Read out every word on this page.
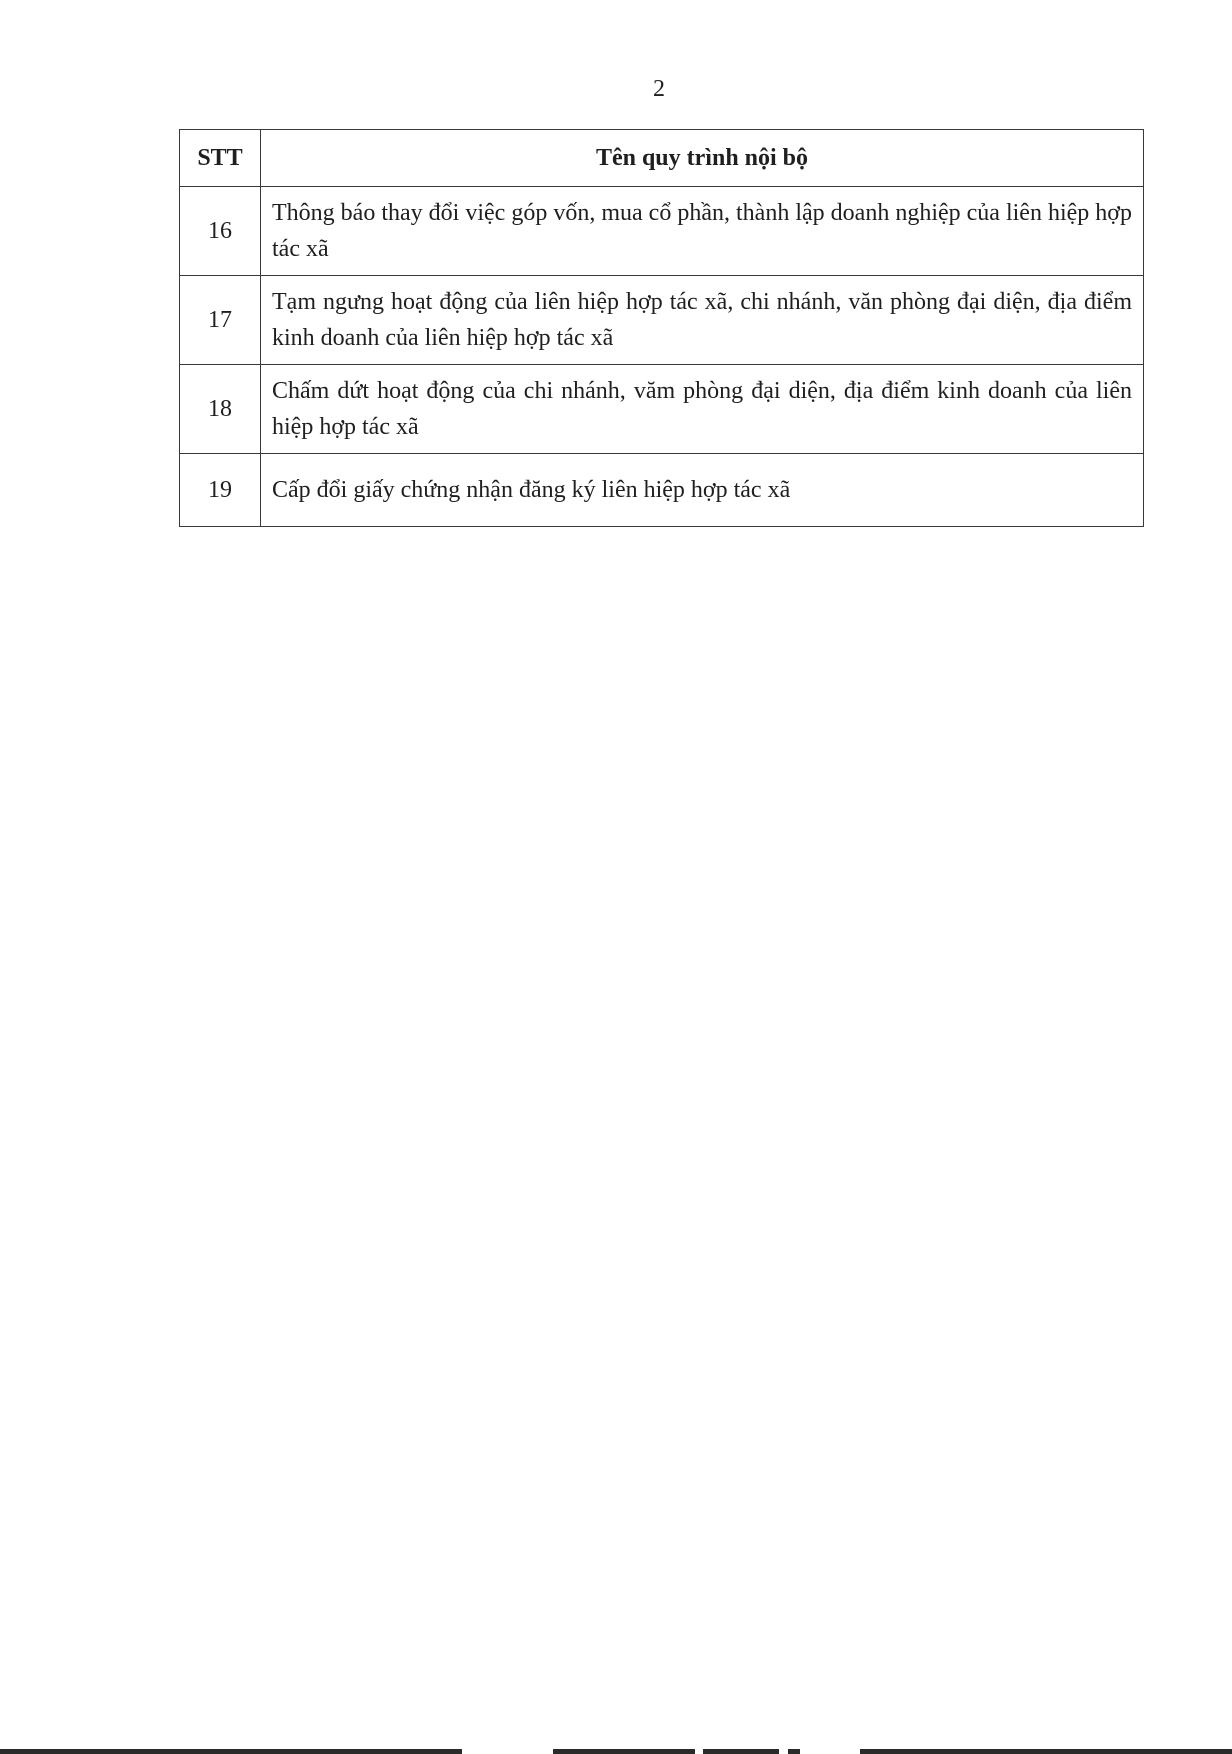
2
STT	Tên quy trình nội bộ
16	Thông báo thay đổi việc góp vốn, mua cổ phần, thành lập doanh nghiệp của liên hiệp hợp tác xã
17	Tạm ngưng hoạt động của liên hiệp hợp tác xã, chi nhánh, văn phòng đại diện, địa điểm kinh doanh của liên hiệp hợp tác xã
18	Chấm dứt hoạt động của chi nhánh, văm phòng đại diện, địa điểm kinh doanh của liên hiệp hợp tác xã
19	Cấp đổi giấy chứng nhận đăng ký liên hiệp hợp tác xã
